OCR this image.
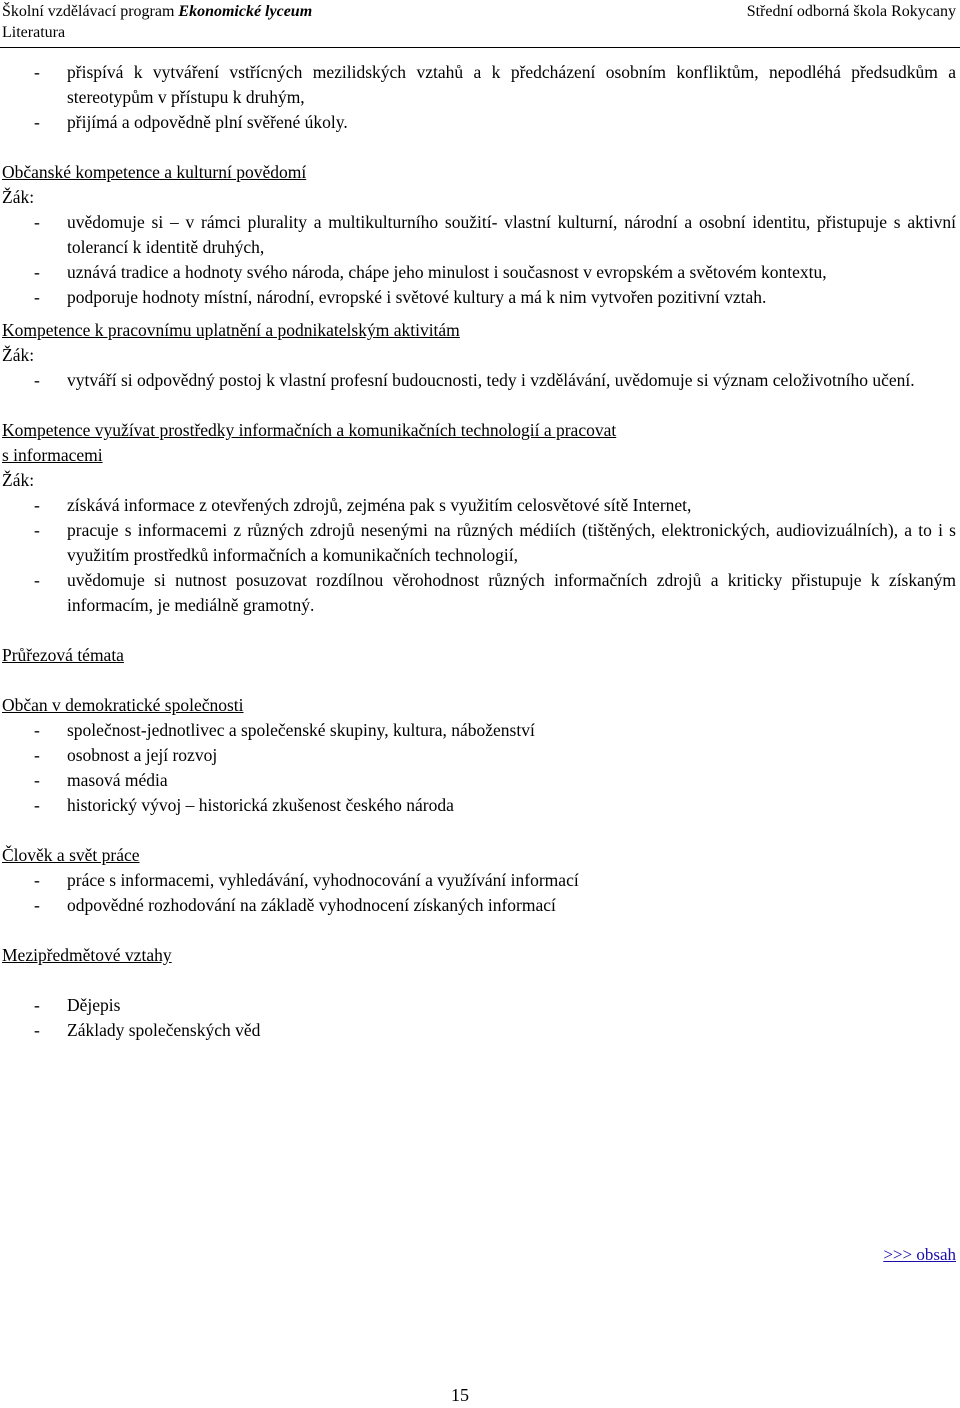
Školní vzdělávací program Ekonomické lyceum	Střední odborná škola Rokycany
Literatura
- přispívá k vytváření vstřícných mezilidských vztahů a k předcházení osobním konfliktům, nepodléhá předsudkům a stereotypům v přístupu k druhým,
- přijímá a odpovědně plní svěřené úkoly.
Občanské kompetence a kulturní povědomí
Žák:
- uvědomuje si – v rámci plurality a multikulturního soužití- vlastní kulturní, národní a osobní identitu, přistupuje s aktivní tolerancí k identitě druhých,
- uznává tradice a hodnoty svého národa, chápe jeho minulost i současnost v evropském a světovém kontextu,
- podporuje hodnoty místní, národní, evropské i světové kultury a má k nim vytvořen pozitivní vztah.
Kompetence k pracovnímu uplatnění a podnikatelským aktivitám
Žák:
- vytváří si odpovědný postoj k vlastní profesní budoucnosti, tedy i vzdělávání, uvědomuje si význam celoživotního učení.
Kompetence využívat prostředky informačních a komunikačních technologií a pracovat
s informacemi
Žák:
- získává informace z otevřených zdrojů, zejména pak s využitím celosvětové sítě Internet,
- pracuje s informacemi z různých zdrojů nesenými na různých médiích (tištěných, elektronických, audiovizuálních), a to i s využitím prostředků informačních a komunikačních technologií,
- uvědomuje si nutnost posuzovat rozdílnou věrohodnost různých informačních zdrojů a kriticky přistupuje k získaným informacím, je mediálně gramotný.
Průřezová témata
Občan v demokratické společnosti
- společnost-jednotlivec a společenské skupiny, kultura, náboženství
- osobnost a její rozvoj
- masová média
- historický vývoj – historická zkušenost českého národa
Člověk a svět práce
- práce s informacemi, vyhledávání, vyhodnocování a využívání informací
- odpovědné rozhodování na základě vyhodnocení získaných informací
Mezipředmětové vztahy
- Dějepis
- Základy společenských věd
>>> obsah
15
